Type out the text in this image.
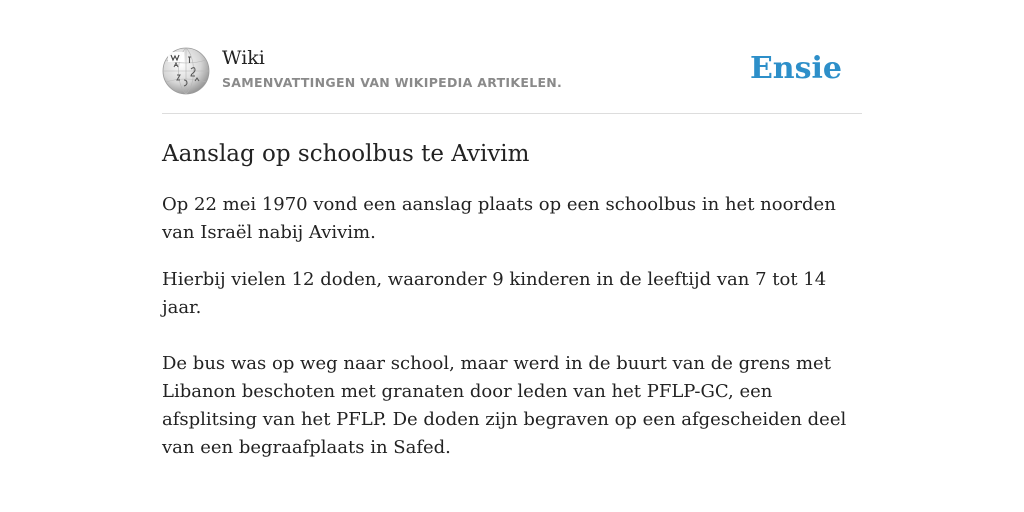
Wiki
SAMENVATTINGEN VAN WIKIPEDIA ARTIKELEN.	Ensie
Aanslag op schoolbus te Avivim

Op 22 mei 1970 vond een aanslag plaats op een schoolbus in het noorden van Israël nabij Avivim.

Hierbij vielen 12 doden, waaronder 9 kinderen in de leeftijd van 7 tot 14 jaar.

De bus was op weg naar school, maar werd in de buurt van de grens met Libanon beschoten met granaten door leden van het PFLP-GC, een afsplitsing van het PFLP. De doden zijn begraven op een afgescheiden deel van een begraafplaats in Safed.
